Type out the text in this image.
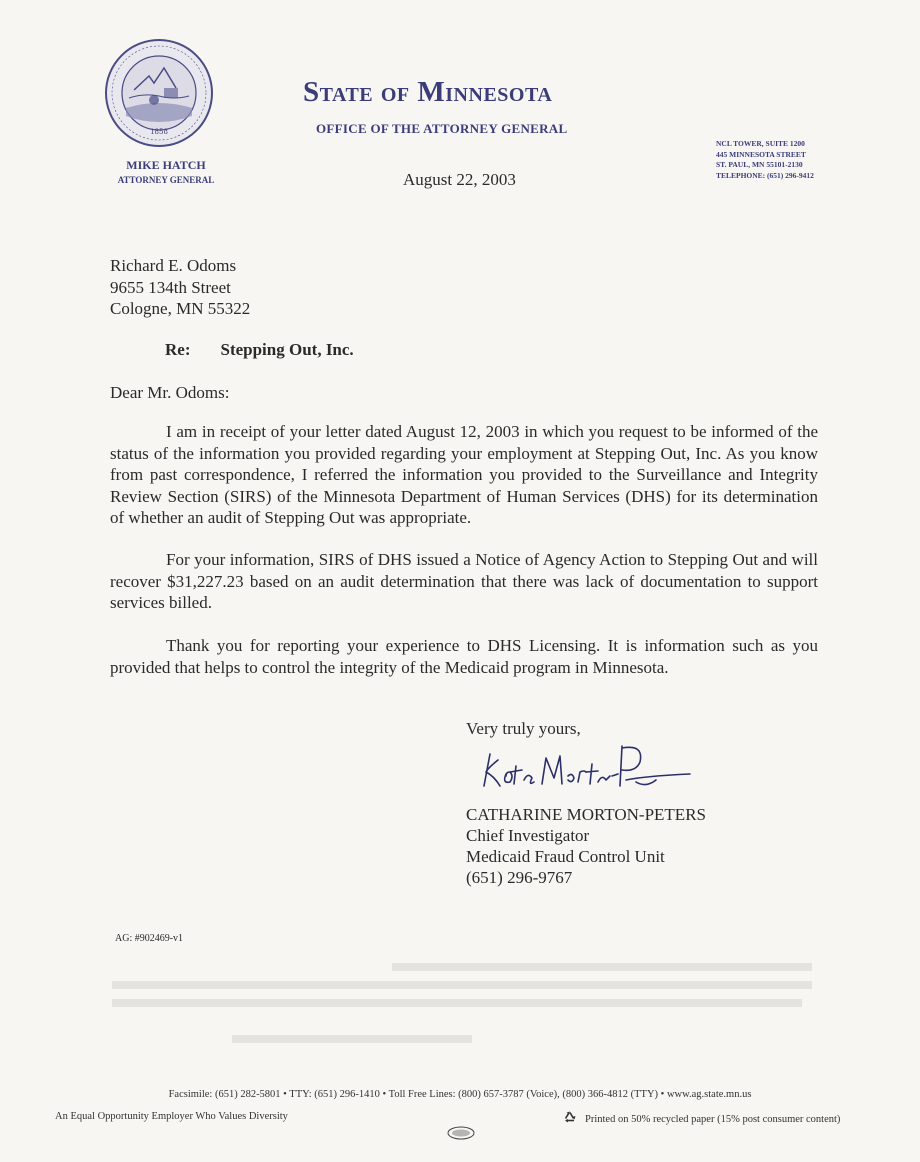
1858
State of Minnesota
OFFICE OF THE ATTORNEY GENERAL
MIKE HATCH
ATTORNEY GENERAL	August 22, 2003
NCL TOWER, SUITE 1200
445 MINNESOTA STREET
ST. PAUL, MN 55101-2130
TELEPHONE: (651) 296-9412
Richard E. Odoms
9655 134th Street
Cologne, MN 55322
Re: Stepping Out, Inc.
Dear Mr. Odoms:
I am in receipt of your letter dated August 12, 2003 in which you request to be informed of the status of the information you provided regarding your employment at Stepping Out, Inc. As you know from past correspondence, I referred the information you provided to the Surveillance and Integrity Review Section (SIRS) of the Minnesota Department of Human Services (DHS) for its determination of whether an audit of Stepping Out was appropriate.
For your information, SIRS of DHS issued a Notice of Agency Action to Stepping Out and will recover $31,227.23 based on an audit determination that there was lack of documentation to support services billed.
Thank you for reporting your experience to DHS Licensing. It is information such as you provided that helps to control the integrity of the Medicaid program in Minnesota.
Very truly yours,
CATHARINE MORTON-PETERS
Chief Investigator
Medicaid Fraud Control Unit
(651) 296-9767
AG: #902469-v1
Facsimile: (651) 282-5801 • TTY: (651) 296-1410 • Toll Free Lines: (800) 657-3787 (Voice), (800) 366-4812 (TTY) • www.ag.state.mn.us
An Equal Opportunity Employer Who Values Diversity	Printed on 50% recycled paper (15% post consumer content)
